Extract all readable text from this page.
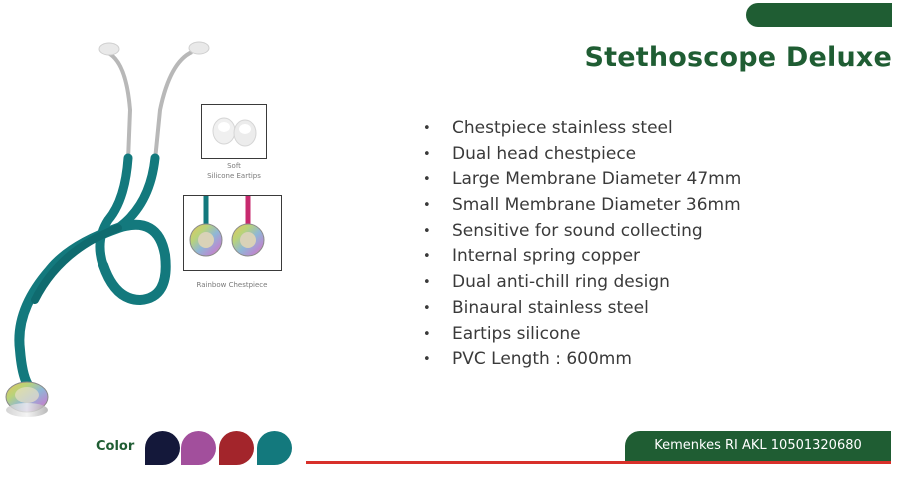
Stethoscope Deluxe
Soft
Silicone Eartips
Rainbow Chestpiece
•	Chestpiece stainless steel
•	Dual head chestpiece
•	Large Membrane Diameter 47mm
•	Small Membrane Diameter 36mm
•	Sensitive for sound collecting
•	Internal spring copper
•	Dual anti-chill ring design
•	Binaural stainless steel
•	Eartips silicone
•	PVC Length : 600mm
Color	Kemenkes RI AKL 10501320680
